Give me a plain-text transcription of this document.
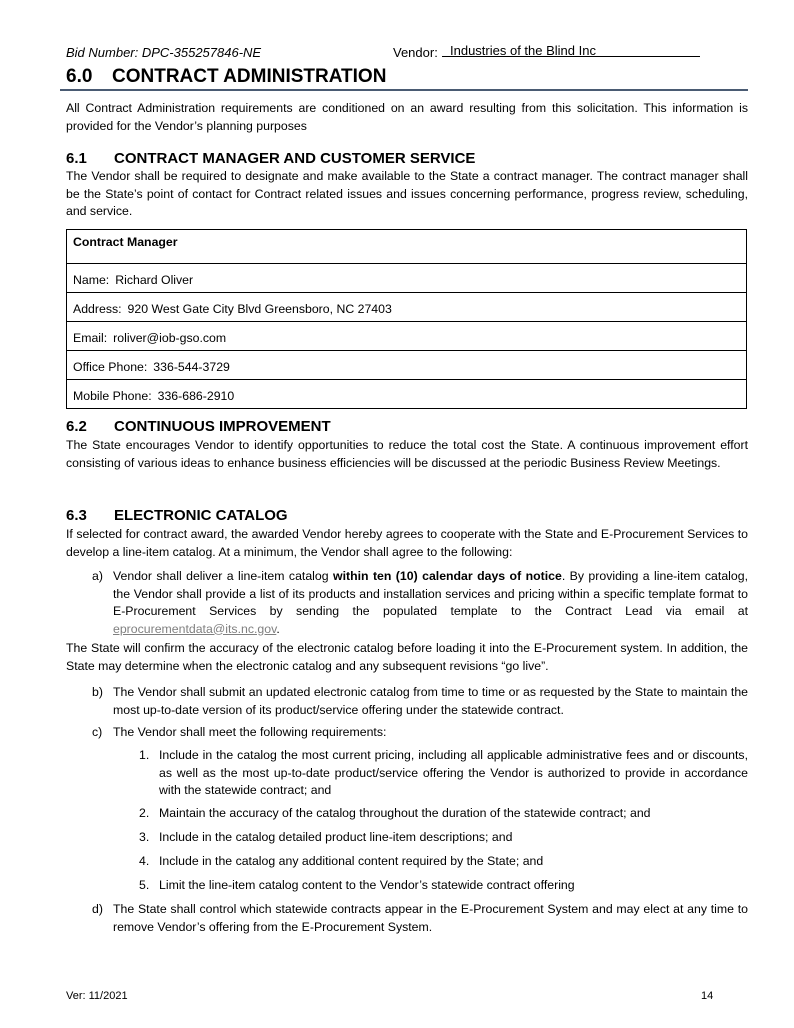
Bid Number: DPC-355257846-NE	Vendor: Industries of the Blind Inc
6.0 CONTRACT ADMINISTRATION
All Contract Administration requirements are conditioned on an award resulting from this solicitation. This information is provided for the Vendor’s planning purposes
6.1 CONTRACT MANAGER AND CUSTOMER SERVICE
The Vendor shall be required to designate and make available to the State a contract manager. The contract manager shall be the State’s point of contact for Contract related issues and issues concerning performance, progress review, scheduling, and service.
Contract Manager
Name: Richard Oliver
Address: 920 West Gate City Blvd Greensboro, NC 27403
Email: roliver@iob-gso.com
Office Phone: 336-544-3729
Mobile Phone: 336-686-2910
6.2 CONTINUOUS IMPROVEMENT
The State encourages Vendor to identify opportunities to reduce the total cost the State. A continuous improvement effort consisting of various ideas to enhance business efficiencies will be discussed at the periodic Business Review Meetings.
6.3 ELECTRONIC CATALOG
If selected for contract award, the awarded Vendor hereby agrees to cooperate with the State and E-Procurement Services to develop a line-item catalog. At a minimum, the Vendor shall agree to the following:
a) Vendor shall deliver a line-item catalog within ten (10) calendar days of notice. By providing a line-item catalog, the Vendor shall provide a list of its products and installation services and pricing within a specific template format to E-Procurement Services by sending the populated template to the Contract Lead via email at eprocurementdata@its.nc.gov.
The State will confirm the accuracy of the electronic catalog before loading it into the E-Procurement system. In addition, the State may determine when the electronic catalog and any subsequent revisions “go live”.
b) The Vendor shall submit an updated electronic catalog from time to time or as requested by the State to maintain the most up-to-date version of its product/service offering under the statewide contract.
c) The Vendor shall meet the following requirements:
1. Include in the catalog the most current pricing, including all applicable administrative fees and or discounts, as well as the most up-to-date product/service offering the Vendor is authorized to provide in accordance with the statewide contract; and
2. Maintain the accuracy of the catalog throughout the duration of the statewide contract; and
3. Include in the catalog detailed product line-item descriptions; and
4. Include in the catalog any additional content required by the State; and
5. Limit the line-item catalog content to the Vendor’s statewide contract offering
d) The State shall control which statewide contracts appear in the E-Procurement System and may elect at any time to remove Vendor’s offering from the E-Procurement System.
Ver: 11/2021	14
